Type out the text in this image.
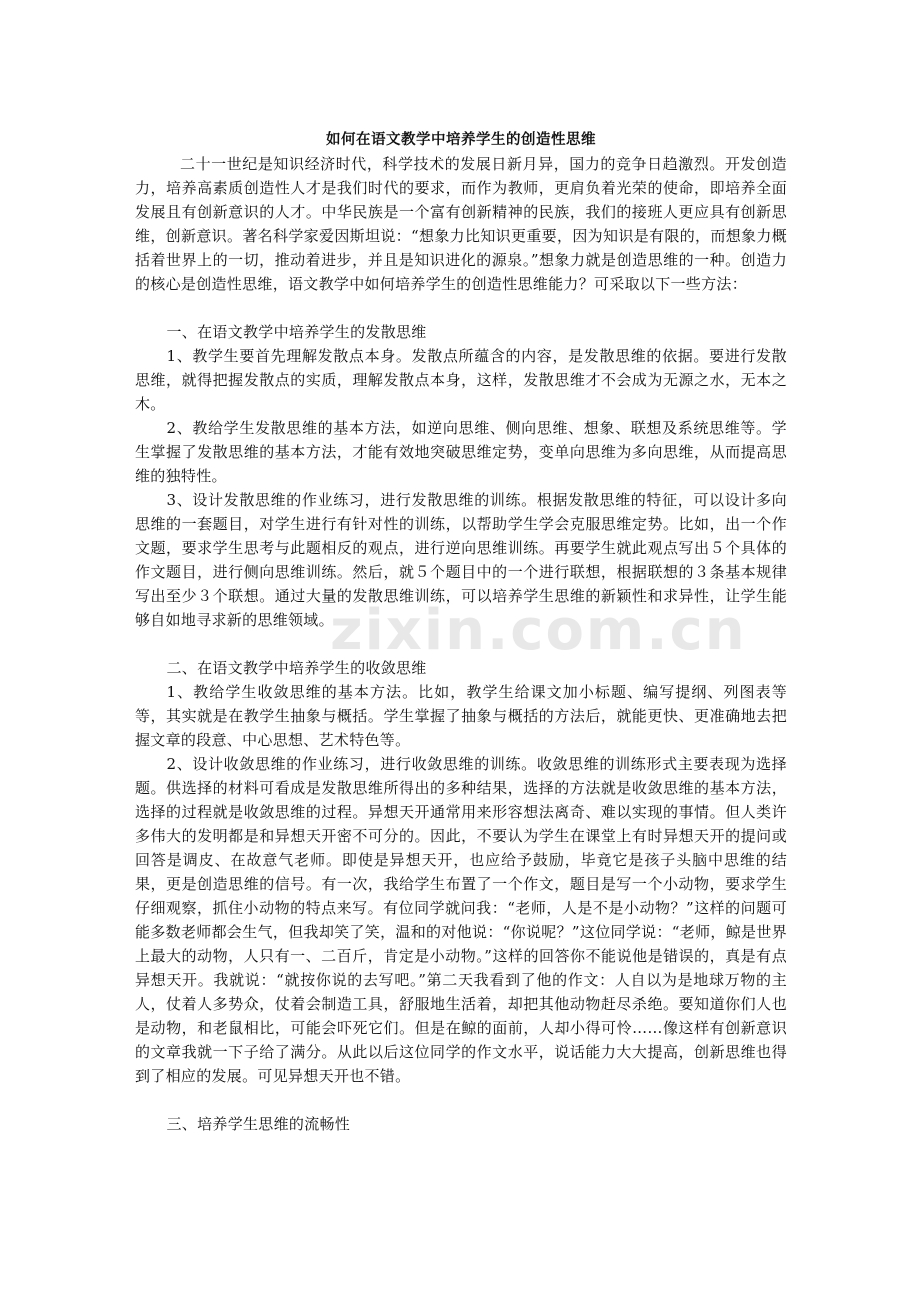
如何在语文教学中培养学生的创造性思维

二十一世纪是知识经济时代，科学技术的发展日新月异，国力的竞争日趋激烈。开发创造力，培养高素质创造性人才是我们时代的要求，而作为教师，更肩负着光荣的使命，即培养全面发展且有创新意识的人才。中华民族是一个富有创新精神的民族，我们的接班人更应具有创新思维，创新意识。著名科学家爱因斯坦说：“想象力比知识更重要，因为知识是有限的，而想象力概括着世界上的一切，推动着进步，并且是知识进化的源泉。”想象力就是创造思维的一种。创造力的核心是创造性思维，语文教学中如何培养学生的创造性思维能力？可采取以下一些方法：

一、在语文教学中培养学生的发散思维

1、教学生要首先理解发散点本身。发散点所蕴含的内容，是发散思维的依据。要进行发散思维，就得把握发散点的实质，理解发散点本身，这样，发散思维才不会成为无源之水，无本之木。

2、教给学生发散思维的基本方法，如逆向思维、侧向思维、想象、联想及系统思维等。学生掌握了发散思维的基本方法，才能有效地突破思维定势，变单向思维为多向思维，从而提高思维的独特性。

3、设计发散思维的作业练习，进行发散思维的训练。根据发散思维的特征，可以设计多向思维的一套题目，对学生进行有针对性的训练，以帮助学生学会克服思维定势。比如，出一个作文题，要求学生思考与此题相反的观点，进行逆向思维训练。再要学生就此观点写出５个具体的作文题目，进行侧向思维训练。然后，就５个题目中的一个进行联想，根据联想的３条基本规律写出至少３个联想。通过大量的发散思维训练，可以培养学生思维的新颖性和求异性，让学生能够自如地寻求新的思维领域。

二、在语文教学中培养学生的收敛思维

1、教给学生收敛思维的基本方法。比如，教学生给课文加小标题、编写提纲、列图表等等，其实就是在教学生抽象与概括。学生掌握了抽象与概括的方法后，就能更快、更准确地去把握文章的段意、中心思想、艺术特色等。

2、设计收敛思维的作业练习，进行收敛思维的训练。收敛思维的训练形式主要表现为选择题。供选择的材料可看成是发散思维所得出的多种结果，选择的方法就是收敛思维的基本方法，选择的过程就是收敛思维的过程。异想天开通常用来形容想法离奇、难以实现的事情。但人类许多伟大的发明都是和异想天开密不可分的。因此，不要认为学生在课堂上有时异想天开的提问或回答是调皮、在故意气老师。即使是异想天开，也应给予鼓励，毕竟它是孩子头脑中思维的结果，更是创造思维的信号。有一次，我给学生布置了一个作文，题目是写一个小动物，要求学生仔细观察，抓住小动物的特点来写。有位同学就问我：“老师，人是不是小动物？”这样的问题可能多数老师都会生气，但我却笑了笑，温和的对他说：“你说呢？”这位同学说：“老师，鲸是世界上最大的动物，人只有一、二百斤，肯定是小动物。”这样的回答你不能说他是错误的，真是有点异想天开。我就说：“就按你说的去写吧。”第二天我看到了他的作文：人自以为是地球万物的主人，仗着人多势众，仗着会制造工具，舒服地生活着，却把其他动物赶尽杀绝。要知道你们人也是动物，和老鼠相比，可能会吓死它们。但是在鲸的面前，人却小得可怜……像这样有创新意识的文章我就一下子给了满分。从此以后这位同学的作文水平，说话能力大大提高，创新思维也得到了相应的发展。可见异想天开也不错。

三、培养学生思维的流畅性
zixin.com.cn
